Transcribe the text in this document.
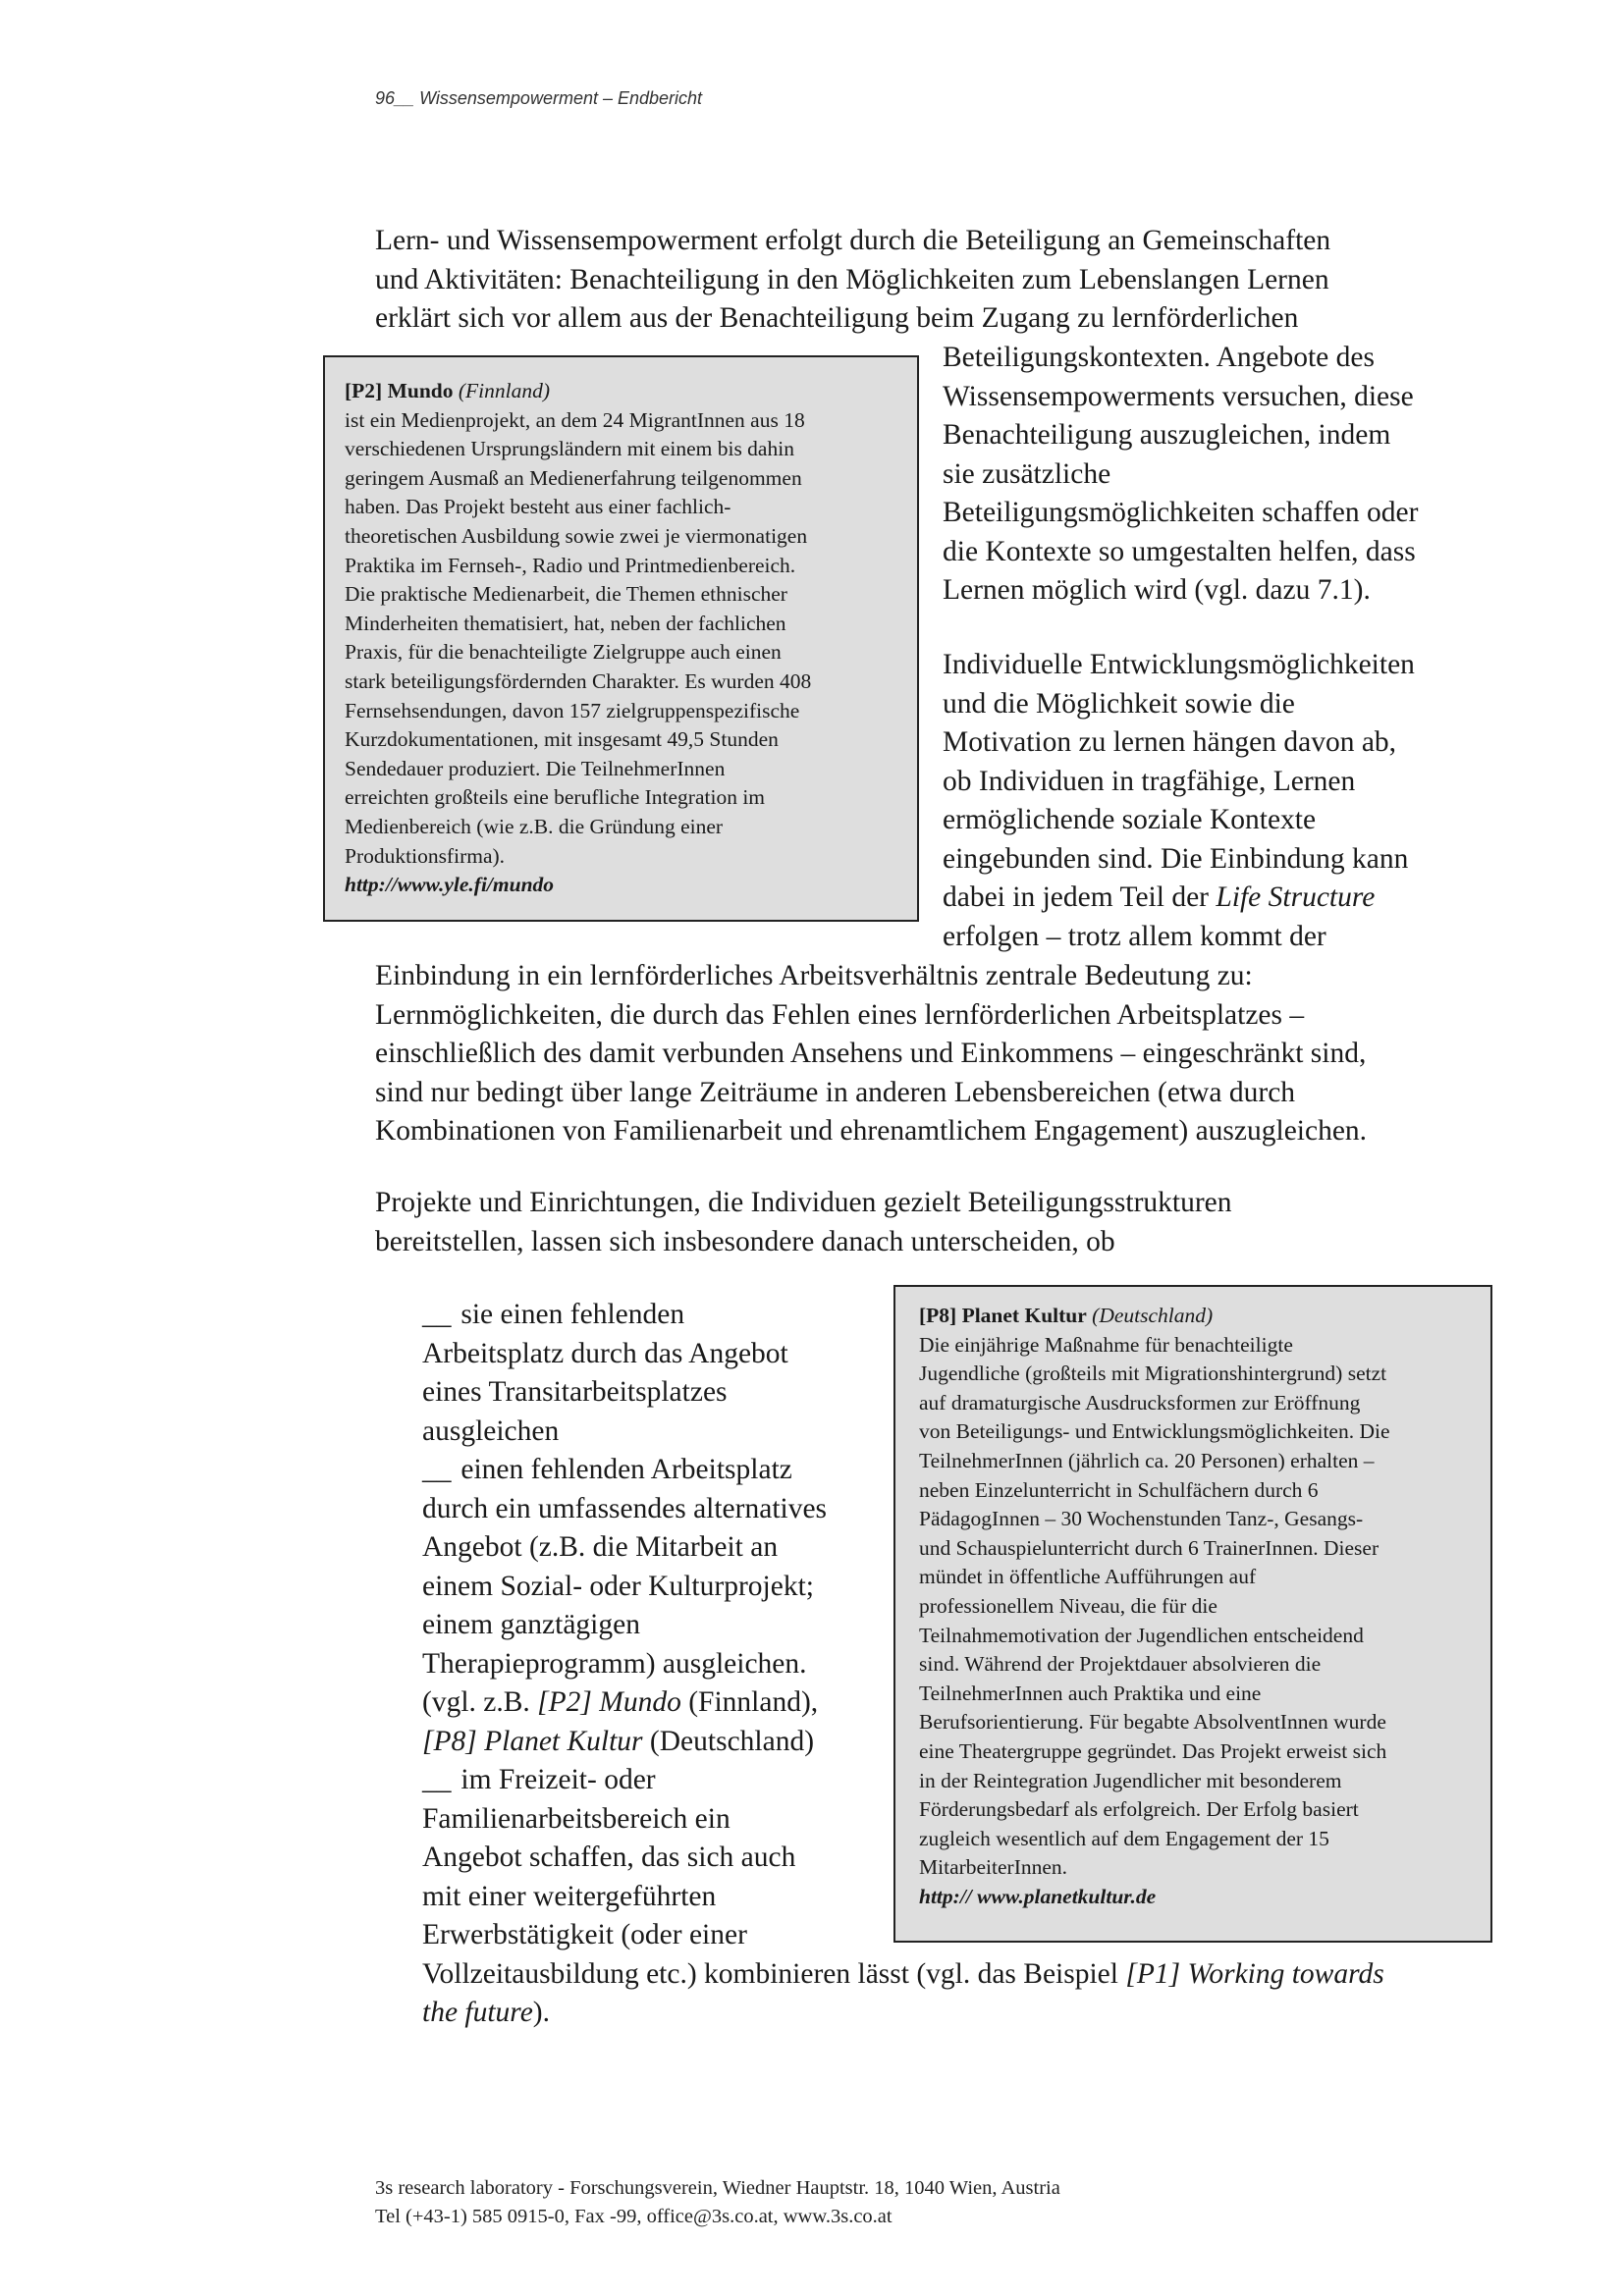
96__ Wissensempowerment – Endbericht
Lern- und Wissensempowerment erfolgt durch die Beteiligung an Gemeinschaften
und Aktivitäten: Benachteiligung in den Möglichkeiten zum Lebenslangen Lernen
erklärt sich vor allem aus der Benachteiligung beim Zugang zu lernförderlichen
Beteiligungskontexten. Angebote des
Wissensempowerments versuchen, diese
Benachteiligung auszugleichen, indem
sie zusätzliche
Beteiligungsmöglichkeiten schaffen oder
die Kontexte so umgestalten helfen, dass
Lernen möglich wird (vgl. dazu 7.1).
Individuelle Entwicklungsmöglichkeiten
und die Möglichkeit sowie die
Motivation zu lernen hängen davon ab,
ob Individuen in tragfähige, Lernen
ermöglichende soziale Kontexte
eingebunden sind. Die Einbindung kann
dabei in jedem Teil der Life Structure
erfolgen – trotz allem kommt der
Einbindung in ein lernförderliches Arbeitsverhältnis zentrale Bedeutung zu:
Lernmöglichkeiten, die durch das Fehlen eines lernförderlichen Arbeitsplatzes –
einschließlich des damit verbunden Ansehens und Einkommens – eingeschränkt sind,
sind nur bedingt über lange Zeiträume in anderen Lebensbereichen (etwa durch
Kombinationen von Familienarbeit und ehrenamtlichem Engagement) auszugleichen.
Projekte und Einrichtungen, die Individuen gezielt Beteiligungsstrukturen
bereitstellen, lassen sich insbesondere danach unterscheiden, ob
[P2] Mundo (Finnland)
ist ein Medienprojekt, an dem 24 MigrantInnen aus 18
verschiedenen Ursprungsländern mit einem bis dahin
geringem Ausmaß an Medienerfahrung teilgenommen
haben. Das Projekt besteht aus einer fachlich-
theoretischen Ausbildung sowie zwei je viermonatigen
Praktika im Fernseh-, Radio und Printmedienbereich.
Die praktische Medienarbeit, die Themen ethnischer
Minderheiten thematisiert, hat, neben der fachlichen
Praxis, für die benachteiligte Zielgruppe auch einen
stark beteiligungsfördernden Charakter. Es wurden 408
Fernsehsendungen, davon 157 zielgruppenspezifische
Kurzdokumentationen, mit insgesamt 49,5 Stunden
Sendedauer produziert. Die TeilnehmerInnen
erreichten großteils eine berufliche Integration im
Medienbereich (wie z.B. die Gründung einer
Produktionsfirma).
http://www.yle.fi/mundo
[P8] Planet Kultur (Deutschland)
Die einjährige Maßnahme für benachteiligte
Jugendliche (großteils mit Migrationshintergrund) setzt
auf dramaturgische Ausdrucksformen zur Eröffnung
von Beteiligungs- und Entwicklungsmöglichkeiten. Die
TeilnehmerInnen (jährlich ca. 20 Personen) erhalten –
neben Einzelunterricht in Schulfächern durch 6
PädagogInnen – 30 Wochenstunden Tanz-, Gesangs-
und Schauspielunterricht durch 6 TrainerInnen. Dieser
mündet in öffentliche Aufführungen auf
professionellem Niveau, die für die
Teilnahmemotivation der Jugendlichen entscheidend
sind. Während der Projektdauer absolvieren die
TeilnehmerInnen auch Praktika und eine
Berufsorientierung. Für begabte AbsolventInnen wurde
eine Theatergruppe gegründet. Das Projekt erweist sich
in der Reintegration Jugendlicher mit besonderem
Förderungsbedarf als erfolgreich. Der Erfolg basiert
zugleich wesentlich auf dem Engagement der 15
MitarbeiterInnen.
http:// www.planetkultur.de
__ sie einen fehlenden
Arbeitsplatz durch das Angebot
eines Transitarbeitsplatzes
ausgleichen
__ einen fehlenden Arbeitsplatz
durch ein umfassendes alternatives
Angebot (z.B. die Mitarbeit an
einem Sozial- oder Kulturprojekt;
einem ganztägigen
Therapieprogramm) ausgleichen.
(vgl. z.B. [P2] Mundo (Finnland),
[P8] Planet Kultur (Deutschland)
__ im Freizeit- oder
Familienarbeitsbereich ein
Angebot schaffen, das sich auch
mit einer weitergeführten
Erwerbstätigkeit (oder einer
Vollzeitausbildung etc.) kombinieren lässt (vgl. das Beispiel [P1] Working towards
the future).
3s research laboratory - Forschungsverein, Wiedner Hauptstr. 18, 1040 Wien, Austria
Tel (+43-1) 585 0915-0, Fax -99, office@3s.co.at, www.3s.co.at
